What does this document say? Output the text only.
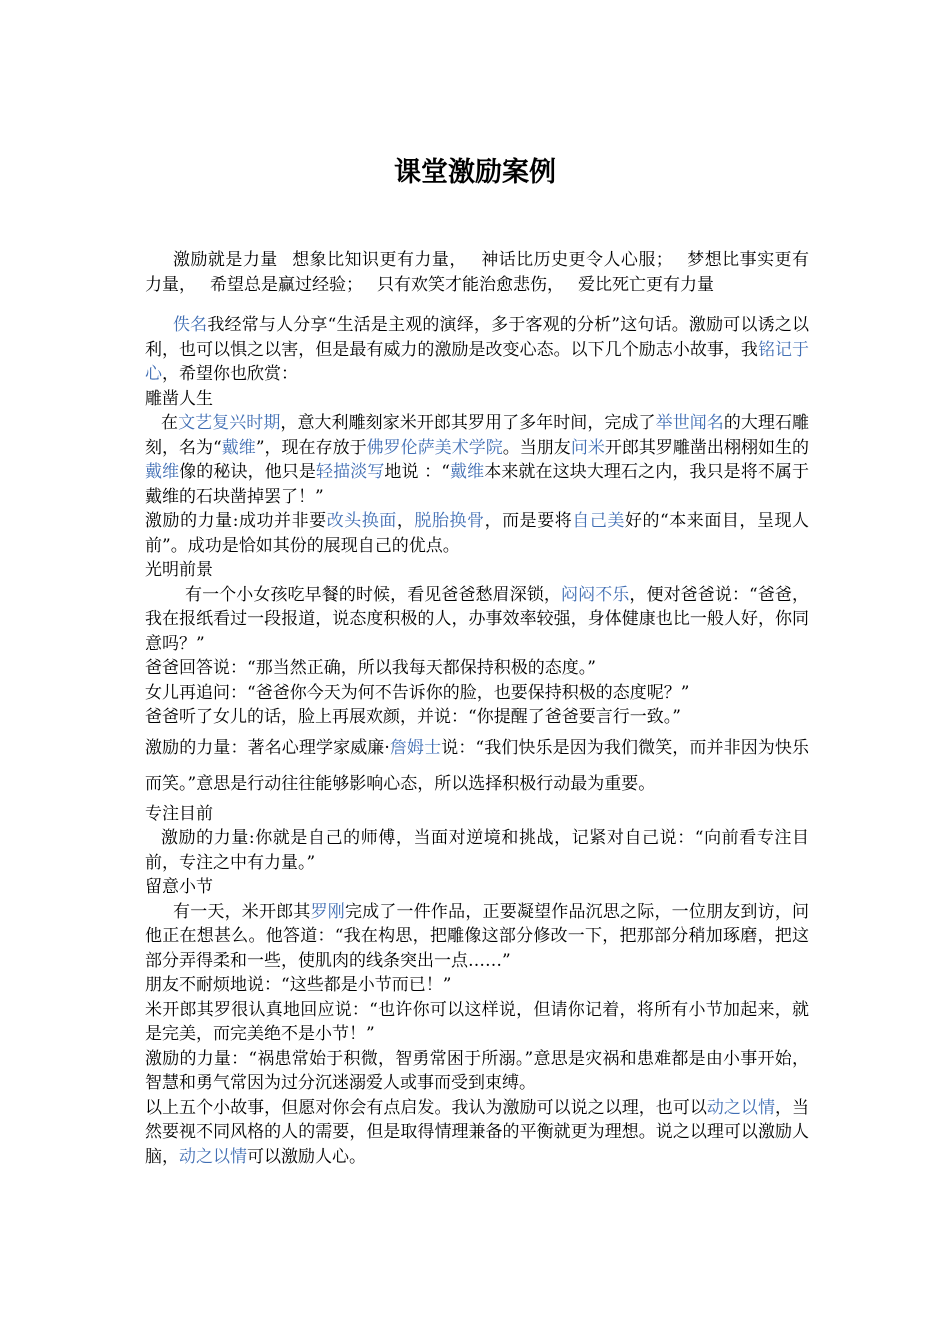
课堂激励案例

激励就是力量 想象比知识更有力量， 神话比历史更令人心服； 梦想比事实更有力量， 希望总是赢过经验； 只有欢笑才能治愈悲伤， 爱比死亡更有力量

佚名我经常与人分享“生活是主观的演绎，多于客观的分析”这句话。激励可以诱之以利，也可以惧之以害，但是最有威力的激励是改变心态。以下几个励志小故事，我铭记于心，希望你也欣赏：

雕凿人生

在文艺复兴时期，意大利雕刻家米开郎其罗用了多年时间，完成了举世闻名的大理石雕刻，名为“戴维”，现在存放于佛罗伦萨美术学院。当朋友问米开郎其罗雕凿出栩栩如生的戴维像的秘诀，他只是轻描淡写地说 ：“戴维本来就在这块大理石之内，我只是将不属于戴维的石块凿掉罢了！”

激励的力量:成功并非要改头换面，脱胎换骨，而是要将自己美好的“本来面目，呈现人前”。成功是恰如其份的展现自己的优点。

光明前景

有一个小女孩吃早餐的时候，看见爸爸愁眉深锁，闷闷不乐，便对爸爸说：“爸爸，我在报纸看过一段报道，说态度积极的人，办事效率较强，身体健康也比一般人好，你同意吗？”

爸爸回答说：“那当然正确，所以我每天都保持积极的态度。”

女儿再追问：“爸爸你今天为何不告诉你的脸，也要保持积极的态度呢？”

爸爸听了女儿的话，脸上再展欢颜，并说：“你提醒了爸爸要言行一致。”

激励的力量：著名心理学家威廉·詹姆士说：“我们快乐是因为我们微笑，而并非因为快乐而笑。”意思是行动往往能够影响心态，所以选择积极行动最为重要。

专注目前

激励的力量:你就是自己的师傅，当面对逆境和挑战，记紧对自己说：“向前看专注目前，专注之中有力量。”

留意小节

有一天，米开郎其罗刚完成了一件作品，正要凝望作品沉思之际，一位朋友到访，问他正在想甚么。他答道：“我在构思，把雕像这部分修改一下，把那部分稍加琢磨，把这部分弄得柔和一些，使肌肉的线条突出一点……”

朋友不耐烦地说：“这些都是小节而已！”

米开郎其罗很认真地回应说：“也许你可以这样说，但请你记着，将所有小节加起来，就是完美，而完美绝不是小节！”

激励的力量：“祸患常始于积微，智勇常困于所溺。”意思是灾祸和患难都是由小事开始，智慧和勇气常因为过分沉迷溺爱人或事而受到束缚。

以上五个小故事，但愿对你会有点启发。我认为激励可以说之以理，也可以动之以情，当然要视不同风格的人的需要，但是取得情理兼备的平衡就更为理想。说之以理可以激励人脑，动之以情可以激励人心。
